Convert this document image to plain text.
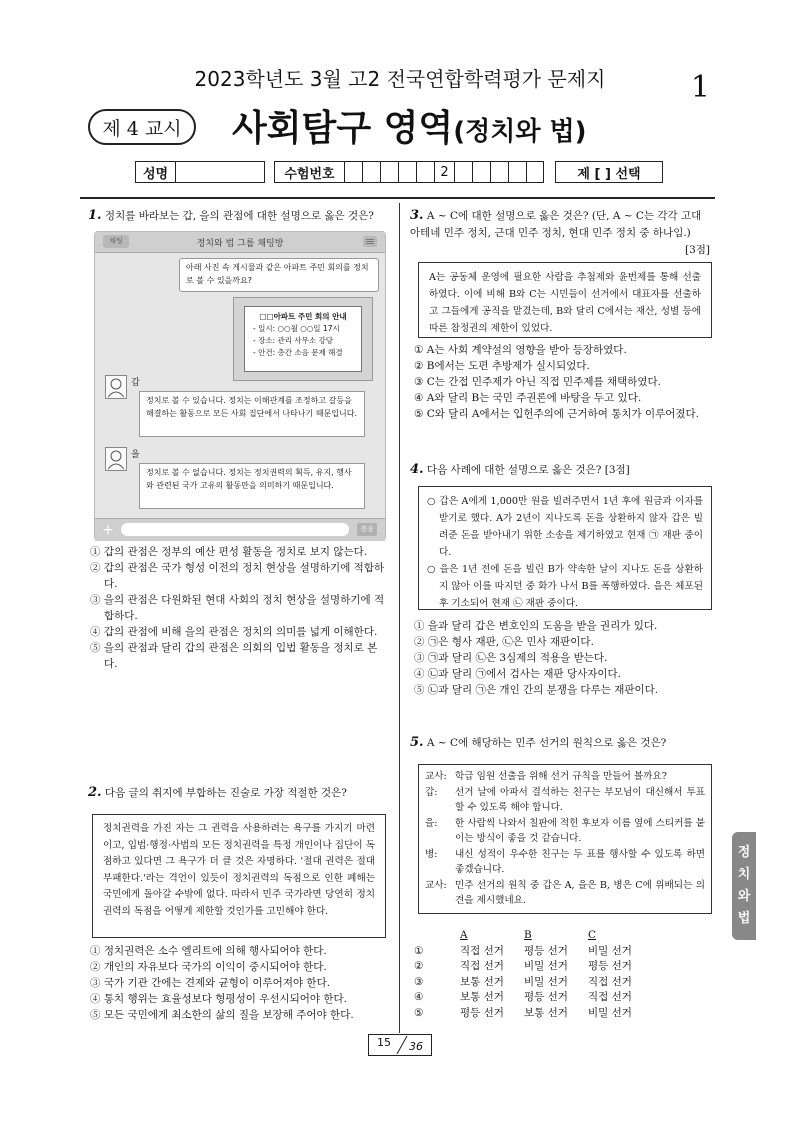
2023학년도 3월 고2 전국연합학력평가 문제지	1
제 4 교시	사회탐구 영역(정치와 법)
성명	수험번호	2	제 [ ] 선택
1. 정치를 바라보는 갑, 을의 관점에 대한 설명으로 옳은 것은?
채팅	정치와 법 그룹 채팅방
아래 사진 속 게시물과 같은 아파트 주민 회의를 정치로 볼 수 있을까요?
□□아파트 주민 회의 안내
- 일시: ○○월 ○○일 17시
- 장소: 관리 사무소 강당
- 안건: 층간 소음 문제 해결
갑
정치로 볼 수 있습니다. 정치는 이해관계를 조정하고 갈등을 해결하는 활동으로 모든 사회 집단에서 나타나기 때문입니다.
을
정치로 볼 수 없습니다. 정치는 정치권력의 획득, 유지, 행사와 관련된 국가 고유의 활동만을 의미하기 때문입니다.
+	전송
① 갑의 관점은 정부의 예산 편성 활동을 정치로 보지 않는다.
② 갑의 관점은 국가 형성 이전의 정치 현상을 설명하기에 적합하다.
③ 을의 관점은 다원화된 현대 사회의 정치 현상을 설명하기에 적합하다.
④ 갑의 관점에 비해 을의 관점은 정치의 의미를 넓게 이해한다.
⑤ 을의 관점과 달리 갑의 관점은 의회의 입법 활동을 정치로 본다.
2. 다음 글의 취지에 부합하는 진술로 가장 적절한 것은?
정치권력을 가진 자는 그 권력을 사용하려는 욕구를 가지기 마련이고, 입법·행정·사법의 모든 정치권력을 특정 개인이나 집단이 독점하고 있다면 그 욕구가 더 클 것은 자명하다. '절대 권력은 절대 부패한다.'라는 격언이 있듯이 정치권력의 독점으로 인한 폐해는 국민에게 돌아갈 수밖에 없다. 따라서 민주 국가라면 당연히 정치권력의 독점을 어떻게 제한할 것인가를 고민해야 한다.
① 정치권력은 소수 엘리트에 의해 행사되어야 한다.
② 개인의 자유보다 국가의 이익이 중시되어야 한다.
③ 국가 기관 간에는 견제와 균형이 이루어져야 한다.
④ 통치 행위는 효율성보다 형평성이 우선시되어야 한다.
⑤ 모든 국민에게 최소한의 삶의 질을 보장해 주어야 한다.
3. A ~ C에 대한 설명으로 옳은 것은? (단, A ~ C는 각각 고대 아테네 민주 정치, 근대 민주 정치, 현대 민주 정치 중 하나임.)
[3점]
A는 공동체 운영에 필요한 사람을 추첨제와 윤번제를 통해 선출하였다. 이에 비해 B와 C는 시민들이 선거에서 대표자를 선출하고 그들에게 공직을 맡겼는데, B와 달리 C에서는 재산, 성별 등에 따른 참정권의 제한이 있었다.
① A는 사회 계약설의 영향을 받아 등장하였다.
② B에서는 도편 추방제가 실시되었다.
③ C는 간접 민주제가 아닌 직접 민주제를 채택하였다.
④ A와 달리 B는 국민 주권론에 바탕을 두고 있다.
⑤ C와 달리 A에서는 입헌주의에 근거하여 통치가 이루어졌다.
4. 다음 사례에 대한 설명으로 옳은 것은? [3점]
○ 갑은 A에게 1,000만 원을 빌려주면서 1년 후에 원금과 이자를 받기로 했다. A가 2년이 지나도록 돈을 상환하지 않자 갑은 빌려준 돈을 받아내기 위한 소송을 제기하였고 현재 ㉠ 재판 중이다.
○ 을은 1년 전에 돈을 빌린 B가 약속한 날이 지나도 돈을 상환하지 않아 이를 따지던 중 화가 나서 B를 폭행하였다. 을은 체포된 후 기소되어 현재 ㉡ 재판 중이다.
① 을과 달리 갑은 변호인의 도움을 받을 권리가 있다.
② ㉠은 형사 재판, ㉡은 민사 재판이다.
③ ㉠과 달리 ㉡은 3심제의 적용을 받는다.
④ ㉡과 달리 ㉠에서 검사는 재판 당사자이다.
⑤ ㉡과 달리 ㉠은 개인 간의 분쟁을 다루는 재판이다.
5. A ~ C에 해당하는 민주 선거의 원칙으로 옳은 것은?
교사: 학급 임원 선출을 위해 선거 규칙을 만들어 볼까요?
갑:	선거 날에 아파서 결석하는 친구는 부모님이 대신해서 투표할 수 있도록 해야 합니다.
을:	한 사람씩 나와서 칠판에 적힌 후보자 이름 옆에 스티커를 붙이는 방식이 좋을 것 같습니다.
병:	내신 성적이 우수한 친구는 두 표를 행사할 수 있도록 하면 좋겠습니다.
교사: 민주 선거의 원칙 중 갑은 A, 을은 B, 병은 C에 위배되는 의견을 제시했네요.
A	B	C
①	직접 선거	평등 선거	비밀 선거
②	직접 선거	비밀 선거	평등 선거
③	보통 선거	비밀 선거	직접 선거
④	보통 선거	평등 선거	직접 선거
⑤	평등 선거	보통 선거	비밀 선거
정치와 법
15 36
